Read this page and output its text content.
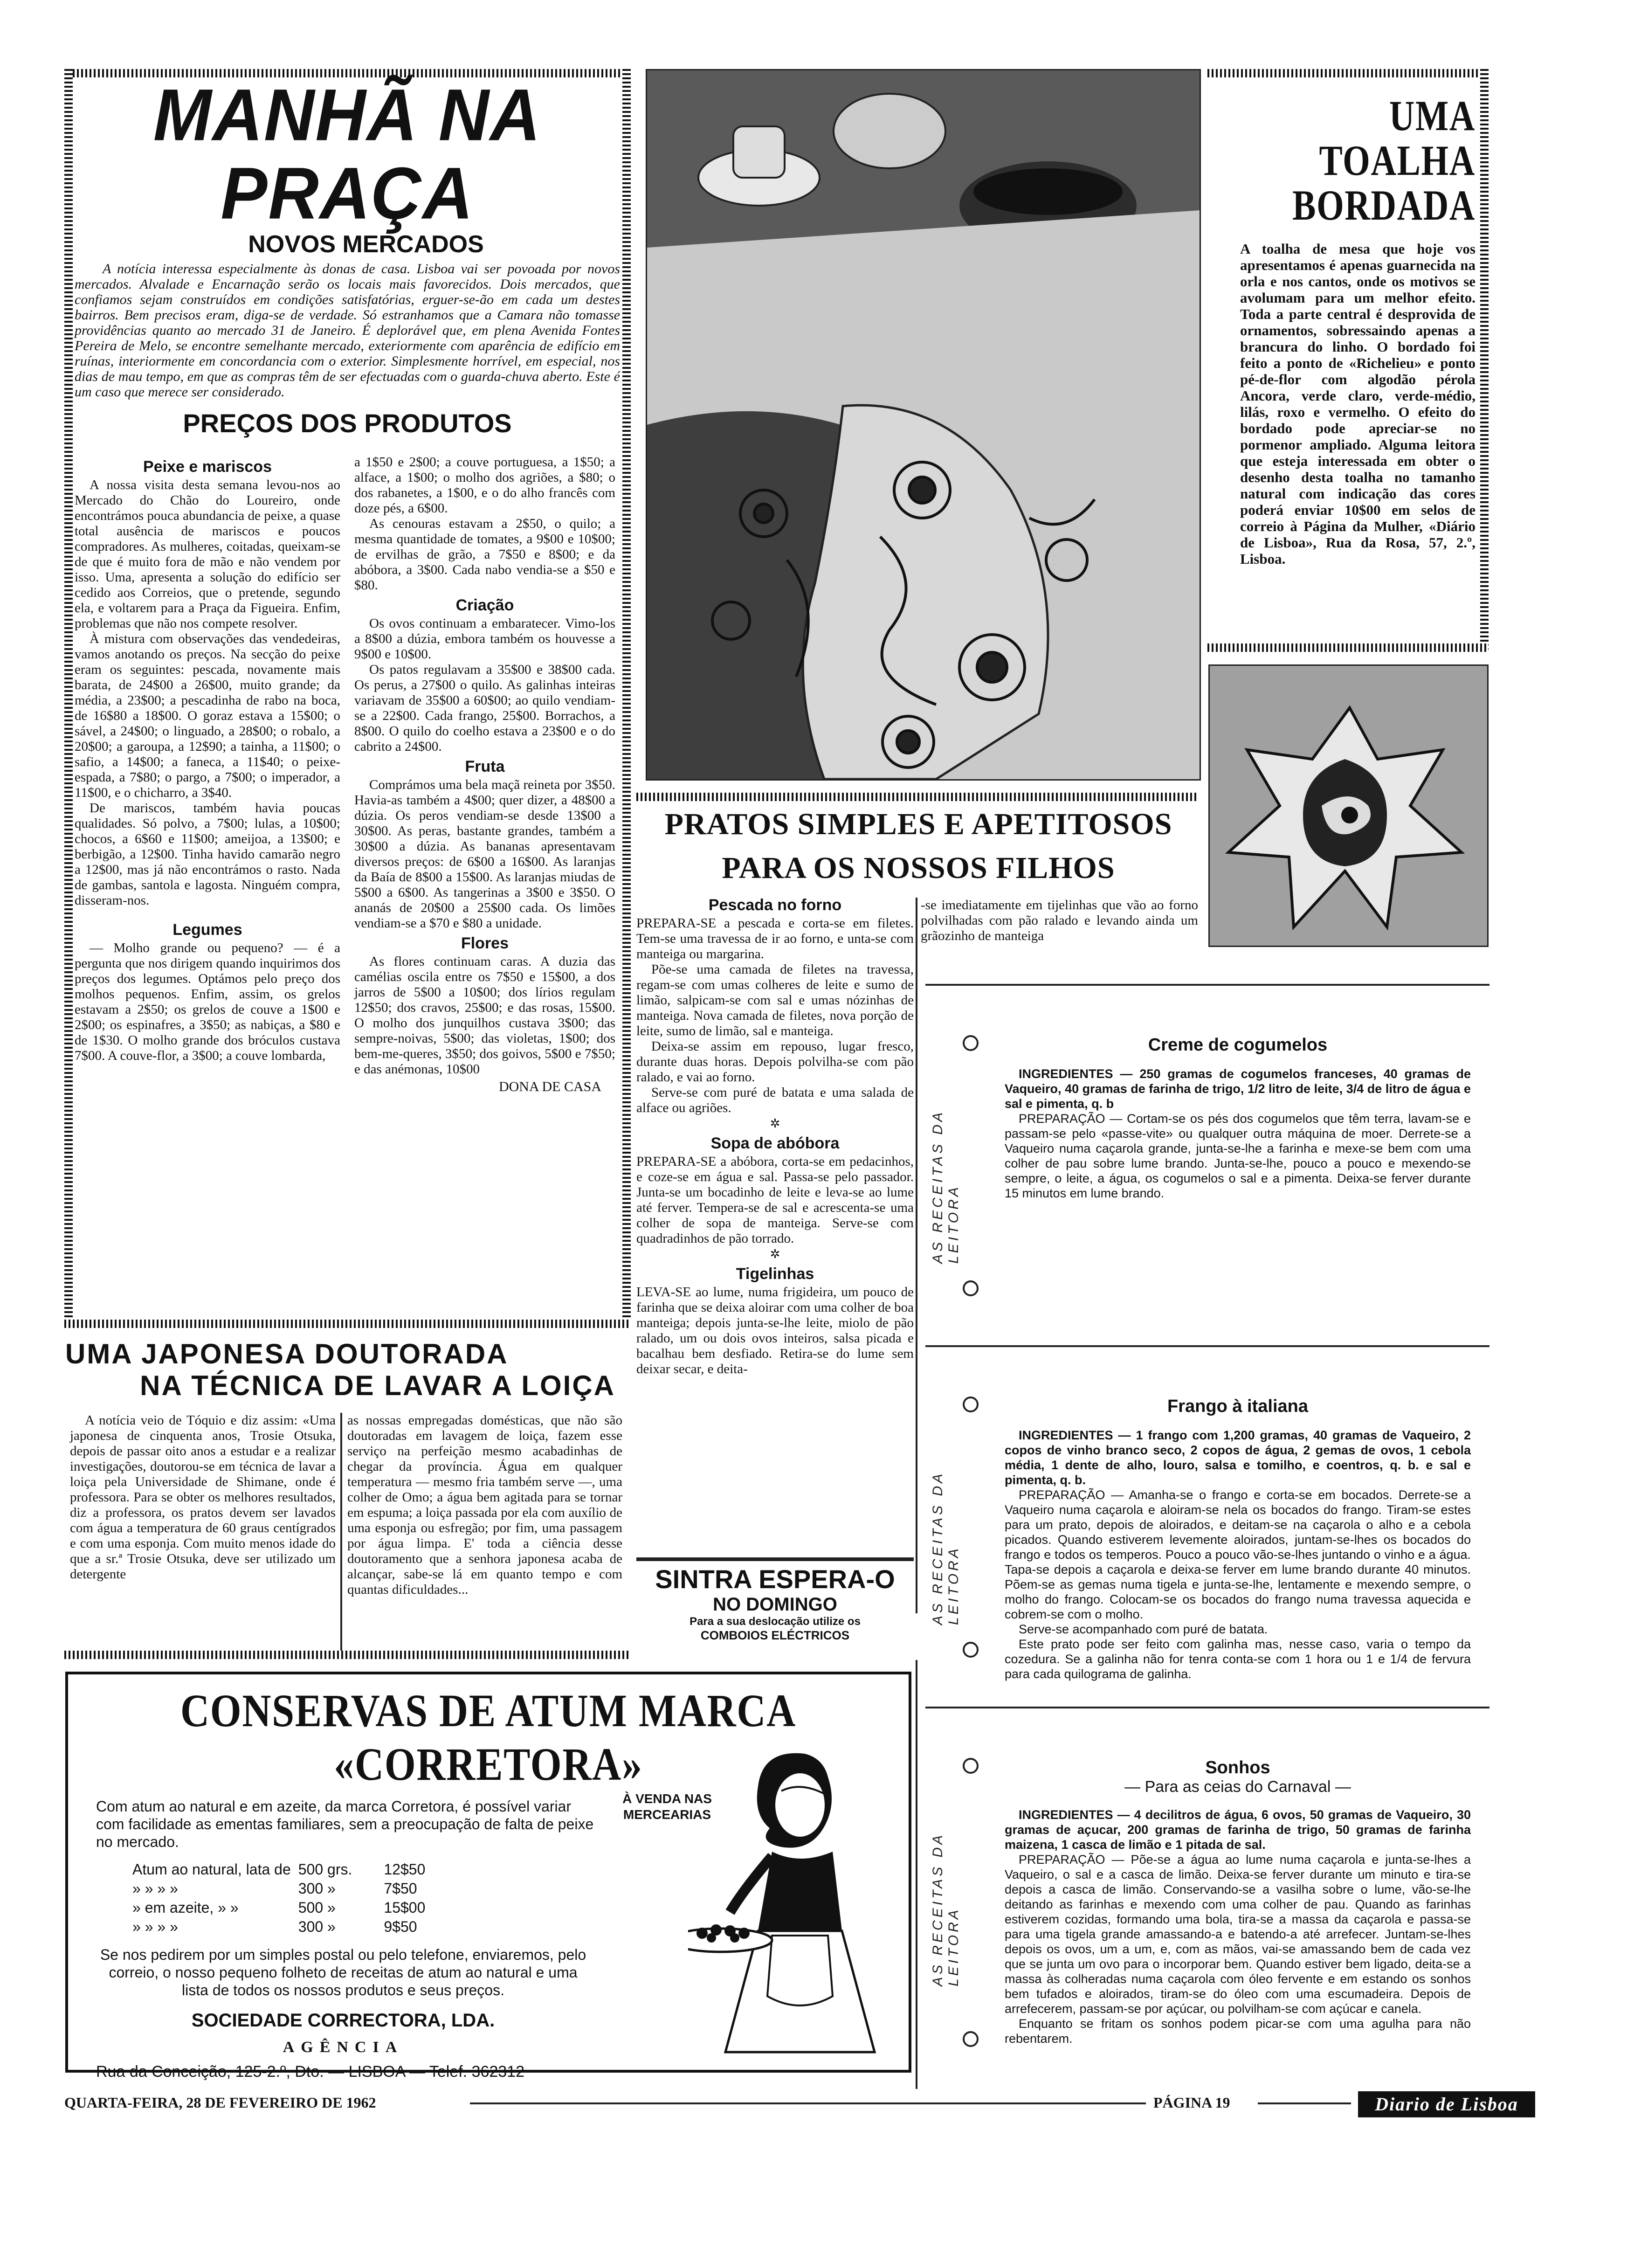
MANHÃ NA PRAÇA
NOVOS MERCADOS

A notícia interessa especialmente às donas de casa. Lisboa vai ser povoada por novos mercados. Alvalade e Encarnação serão os locais mais favorecidos. Dois mercados, que confiamos sejam construídos em condições satisfatórias, erguer-se-ão em cada um destes bairros. Bem precisos eram, diga-se de verdade. Só estranhamos que a Camara não tomasse providências quanto ao mercado 31 de Janeiro. É deplorável que, em plena Avenida Fontes Pereira de Melo, se encontre semelhante mercado, exteriormente com aparência de edifício em ruínas, interiormente em concordancia com o exterior. Simplesmente horrível, em especial, nos dias de mau tempo, em que as compras têm de ser efectuadas com o guarda-chuva aberto. Este é um caso que merece ser considerado.

PREÇOS DOS PRODUTOS
Peixe e mariscos

A nossa visita desta semana levou-nos ao Mercado do Chão do Loureiro, onde encontrámos pouca abundancia de peixe, a quase total ausência de mariscos e poucos compradores. As mulheres, coitadas, queixam-se de que é muito fora de mão e não vendem por isso. Uma, apresenta a solução do edifício ser cedido aos Correios, que o pretende, segundo ela, e voltarem para a Praça da Figueira. Enfim, problemas que não nos compete resolver.

À mistura com observações das vendedeiras, vamos anotando os preços. Na secção do peixe eram os seguintes: pescada, novamente mais barata, de 24$00 a 26$00, muito grande; da média, a 23$00; a pescadinha de rabo na boca, de 16$80 a 18$00. O goraz estava a 15$00; o sável, a 24$00; o linguado, a 28$00; o robalo, a 20$00; a garoupa, a 12$90; a tainha, a 11$00; o safio, a 14$00; a faneca, a 11$40; o peixe-espada, a 7$80; o pargo, a 7$00; o imperador, a 11$00, e o chicharro, a 3$40.

De mariscos, também havia poucas qualidades. Só polvo, a 7$00; lulas, a 10$00; chocos, a 6$60 e 11$00; ameijoa, a 13$00; e berbigão, a 12$00. Tinha havido camarão negro a 12$00, mas já não encontrámos o rasto. Nada de gambas, santola e lagosta. Ninguém compra, disseram-nos.

Legumes

— Molho grande ou pequeno? — é a pergunta que nos dirigem quando inquirimos dos preços dos legumes. Optámos pelo preço dos molhos pequenos. Enfim, assim, os grelos estavam a 2$50; os grelos de couve a 1$00 e 2$00; os espinafres, a 3$50; as nabiças, a $80 e de 1$30. O molho grande dos bróculos custava 7$00. A couve-flor, a 3$00; a couve lombarda,

a 1$50 e 2$00; a couve portuguesa, a 1$50; a alface, a 1$00; o molho dos agriões, a $80; o dos rabanetes, a 1$00, e o do alho francês com doze pés, a 6$00.

As cenouras estavam a 2$50, o quilo; a mesma quantidade de tomates, a 9$00 e 10$00; de ervilhas de grão, a 7$50 e 8$00; e da abóbora, a 3$00. Cada nabo vendia-se a $50 e $80.

Criação

Os ovos continuam a embaratecer. Vimo-los a 8$00 a dúzia, embora também os houvesse a 9$00 e 10$00.

Os patos regulavam a 35$00 e 38$00 cada. Os perus, a 27$00 o quilo. As galinhas inteiras variavam de 35$00 a 60$00; ao quilo vendiam-se a 22$00. Cada frango, 25$00. Borrachos, a 8$00. O quilo do coelho estava a 23$00 e o do cabrito a 24$00.

Fruta

Comprámos uma bela maçã reineta por 3$50. Havia-as também a 4$00; quer dizer, a 48$00 a dúzia. Os peros vendiam-se desde 13$00 a 30$00. As peras, bastante grandes, também a 30$00 a dúzia. As bananas apresentavam diversos preços: de 6$00 a 16$00. As laranjas da Baía de 8$00 a 15$00. As laranjas miudas de 5$00 a 6$00. As tangerinas a 3$00 e 3$50. O ananás de 20$00 a 25$00 cada. Os limões vendiam-se a $70 e $80 a unidade.

Flores

As flores continuam caras. A duzia das camélias oscila entre os 7$50 e 15$00, a dos jarros de 5$00 a 10$00; dos lírios regulam 12$50; dos cravos, 25$00; e das rosas, 15$00. O molho dos junquilhos custava 3$00; das sempre-noivas, 5$00; das violetas, 1$00; dos bem-me-queres, 3$50; dos goivos, 5$00 e 7$50; e das anémonas, 10$00

DONA DE CASA
UMA TOALHA
BORDADA

A toalha de mesa que hoje vos apresentamos é apenas guarnecida na orla e nos cantos, onde os motivos se avolumam para um melhor efeito. Toda a parte central é desprovida de ornamentos, sobressaindo apenas a brancura do linho. O bordado foi feito a ponto de «Richelieu» e ponto pé-de-flor com algodão pérola Ancora, verde claro, verde-médio, lilás, roxo e vermelho. O efeito do bordado pode apreciar-se no pormenor ampliado. Alguma leitora que esteja interessada em obter o desenho desta toalha no tamanho natural com indicação das cores poderá enviar 10$00 em selos de correio à Página da Mulher, «Diário de Lisboa», Rua da Rosa, 57, 2.º, Lisboa.

PRATOS SIMPLES E APETITOSOS
PARA OS NOSSOS FILHOS
Pescada no forno

PREPARA-SE a pescada e corta-se em filetes. Tem-se uma travessa de ir ao forno, e unta-se com manteiga ou margarina.

Põe-se uma camada de filetes na travessa, regam-se com umas colheres de leite e sumo de limão, salpicam-se com sal e umas nózinhas de manteiga. Nova camada de filetes, nova porção de leite, sumo de limão, sal e manteiga.

Deixa-se assim em repouso, lugar fresco, durante duas horas. Depois polvilha-se com pão ralado, e vai ao forno.

Serve-se com puré de batata e uma salada de alface ou agriões.

✲
Sopa de abóbora

PREPARA-SE a abóbora, corta-se em pedacinhos, e coze-se em água e sal. Passa-se pelo passador. Junta-se um bocadinho de leite e leva-se ao lume até ferver. Tempera-se de sal e acrescenta-se uma colher de sopa de manteiga. Serve-se com quadradinhos de pão torrado.

✲
Tigelinhas

LEVA-SE ao lume, numa frigideira, um pouco de farinha que se deixa aloirar com uma colher de boa manteiga; depois junta-se-lhe leite, miolo de pão ralado, um ou dois ovos inteiros, salsa picada e bacalhau bem desfiado. Retira-se do lume sem deixar secar, e deita-

-se imediatamente em tijelinhas que vão ao forno polvilhadas com pão ralado e levando ainda um grãozinho de manteiga

SINTRA ESPERA-O
NO DOMINGO
Para a sua deslocação utilize os
COMBOIOS ELÉCTRICOS
UMA JAPONESA DOUTORADA
NA TÉCNICA DE LAVAR A LOIÇA

A notícia veio de Tóquio e diz assim: «Uma japonesa de cinquenta anos, Trosie Otsuka, depois de passar oito anos a estudar e a realizar investigações, doutorou-se em técnica de lavar a loiça pela Universidade de Shimane, onde é professora. Para se obter os melhores resultados, diz a professora, os pratos devem ser lavados com água a temperatura de 60 graus centígrados e com uma esponja. Com muito menos idade do que a sr.ª Trosie Otsuka, deve ser utilizado um detergente

as nossas empregadas domésticas, que não são doutoradas em lavagem de loiça, fazem esse serviço na perfeição mesmo acabadinhas de chegar da província. Água em qualquer temperatura — mesmo fria também serve —, uma colher de Omo; a água bem agitada para se tornar em espuma; a loiça passada por ela com auxílio de uma esponja ou esfregão; por fim, uma passagem por água limpa. E' toda a ciência desse doutoramento que a senhora japonesa acaba de alcançar, sabe-se lá em quanto tempo e com quantas dificuldades...

CONSERVAS DE ATUM MARCA «CORRETORA»

Com atum ao natural e em azeite, da marca Corretora, é possível variar com facilidade as ementas familiares, sem a preocupação de falta de peixe no mercado.

Atum ao natural, lata de	500 grs.	12$50
» » » »	300 »	7$50
» em azeite, » »	500 »	15$00
» » » »	300 »	9$50

Se nos pedirem por um simples postal ou pelo telefone, enviaremos, pelo correio, o nosso pequeno folheto de receitas de atum ao natural e uma lista de todos os nossos produtos e seus preços.

SOCIEDADE CORRECTORA, LDA.
AGÊNCIA
Rua da Conceição, 125-2.º, Dto. — LISBOA — Telef. 362312
À VENDA NAS MERCEARIAS
AS RECEITAS DA LEITORA
Creme de cogumelos

INGREDIENTES — 250 gramas de cogumelos franceses, 40 gramas de Vaqueiro, 40 gramas de farinha de trigo, 1/2 litro de leite, 3/4 de litro de água e sal e pimenta, q. b

PREPARAÇÃO — Cortam-se os pés dos cogumelos que têm terra, lavam-se e passam-se pelo «passe-vite» ou qualquer outra máquina de moer. Derrete-se a Vaqueiro numa caçarola grande, junta-se-lhe a farinha e mexe-se bem com uma colher de pau sobre lume brando. Junta-se-lhe, pouco a pouco e mexendo-se sempre, o leite, a água, os cogumelos o sal e a pimenta. Deixa-se ferver durante 15 minutos em lume brando.

AS RECEITAS DA LEITORA
Frango à italiana

INGREDIENTES — 1 frango com 1,200 gramas, 40 gramas de Vaqueiro, 2 copos de vinho branco seco, 2 copos de água, 2 gemas de ovos, 1 cebola média, 1 dente de alho, louro, salsa e tomilho, e coentros, q. b. e sal e pimenta, q. b.

PREPARAÇÃO — Amanha-se o frango e corta-se em bocados. Derrete-se a Vaqueiro numa caçarola e aloiram-se nela os bocados do frango. Tiram-se estes para um prato, depois de aloirados, e deitam-se na caçarola o alho e a cebola picados. Quando estiverem levemente aloirados, juntam-se-lhes os bocados do frango e todos os temperos. Pouco a pouco vão-se-lhes juntando o vinho e a água. Tapa-se depois a caçarola e deixa-se ferver em lume brando durante 40 minutos. Põem-se as gemas numa tigela e junta-se-lhe, lentamente e mexendo sempre, o molho do frango. Colocam-se os bocados do frango numa travessa aquecida e cobrem-se com o molho.

Serve-se acompanhado com puré de batata.

Este prato pode ser feito com galinha mas, nesse caso, varia o tempo da cozedura. Se a galinha não for tenra conta-se com 1 hora ou 1 e 1/4 de fervura para cada quilograma de galinha.

AS RECEITAS DA LEITORA
Sonhos
— Para as ceias do Carnaval —

INGREDIENTES — 4 decilitros de água, 6 ovos, 50 gramas de Vaqueiro, 30 gramas de açucar, 200 gramas de farinha de trigo, 50 gramas de farinha maizena, 1 casca de limão e 1 pitada de sal.

PREPARAÇÃO — Põe-se a água ao lume numa caçarola e junta-se-lhes a Vaqueiro, o sal e a casca de limão. Deixa-se ferver durante um minuto e tira-se depois a casca de limão. Conservando-se a vasilha sobre o lume, vão-se-lhe deitando as farinhas e mexendo com uma colher de pau. Quando as farinhas estiverem cozidas, formando uma bola, tira-se a massa da caçarola e passa-se para uma tigela grande amassando-a e batendo-a até arrefecer. Juntam-se-lhes depois os ovos, um a um, e, com as mãos, vai-se amassando bem de cada vez que se junta um ovo para o incorporar bem. Quando estiver bem ligado, deita-se a massa às colheradas numa caçarola com óleo fervente e em estando os sonhos bem tufados e aloirados, tiram-se do óleo com uma escumadeira. Depois de arrefecerem, passam-se por açúcar, ou polvilham-se com açúcar e canela.

Enquanto se fritam os sonhos podem picar-se com uma agulha para não rebentarem.

QUARTA-FEIRA, 28 DE FEVEREIRO DE 1962	PÁGINA 19	Diario de Lisboa
